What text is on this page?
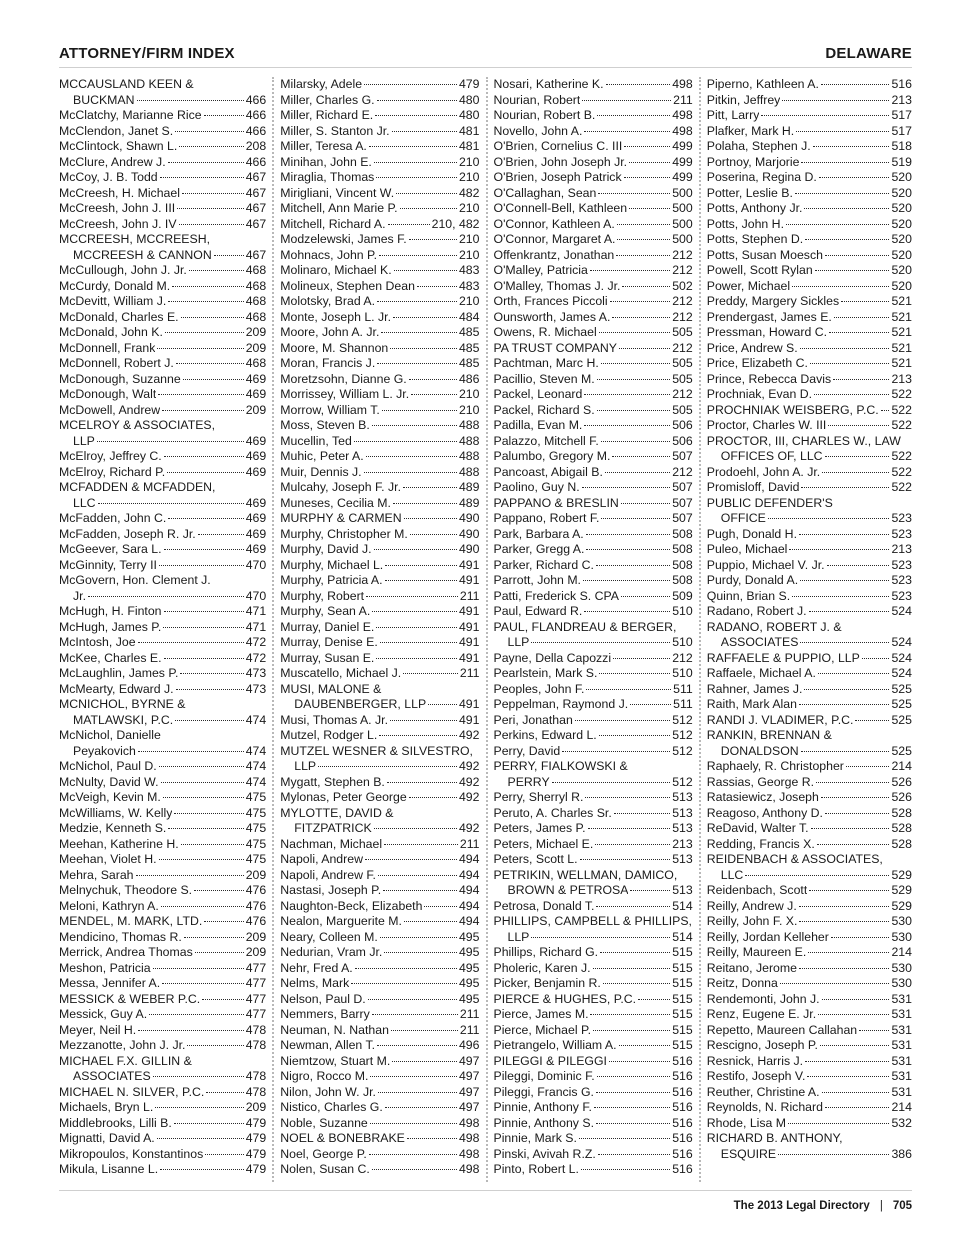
ATTORNEY/FIRM INDEX	DELAWARE
MCCAUSLAND KEEN &
BUCKMAN	466
McClatchy, Marianne Rice	466
McClendon, Janet S.	466
McClintock, Shawn L.	208
McClure, Andrew J.	466
McCoy, J. B. Todd	467
McCreesh, H. Michael	467
McCreesh, John J. III	467
McCreesh, John J. IV	467
MCCREESH, MCCREESH,
MCCREESH & CANNON	467
McCullough, John J. Jr.	468
McCurdy, Donald M.	468
McDevitt, William J.	468
McDonald, Charles E.	468
McDonald, John K.	209
McDonnell, Frank	209
McDonnell, Robert J.	468
McDonough, Suzanne	469
McDonough, Walt	469
McDowell, Andrew	209
MCELROY & ASSOCIATES,
LLP	469
McElroy, Jeffrey C.	469
McElroy, Richard P.	469
MCFADDEN & MCFADDEN,
LLC	469
McFadden, John C.	469
McFadden, Joseph R. Jr.	469
McGeever, Sara L.	469
McGinnity, Terry II	470
McGovern, Hon. Clement J.
Jr.	470
McHugh, H. Finton	471
McHugh, James P.	471
McIntosh, Joe	472
McKee, Charles E.	472
McLaughlin, James P.	473
McMearty, Edward J.	473
MCNICHOL, BYRNE &
MATLAWSKI, P.C.	474
McNichol, Danielle
Peyakovich	474
McNichol, Paul D.	474
McNulty, David W.	474
McVeigh, Kevin M.	475
McWilliams, W. Kelly	475
Medzie, Kenneth S.	475
Meehan, Katherine H.	475
Meehan, Violet H.	475
Mehra, Sarah	209
Melnychuk, Theodore S.	476
Meloni, Kathryn A.	476
MENDEL, M. MARK, LTD.	476
Mendicino, Thomas R.	209
Merrick, Andrea Thomas	209
Meshon, Patricia	477
Messa, Jennifer A.	477
MESSICK & WEBER P.C.	477
Messick, Guy A.	477
Meyer, Neil H.	478
Mezzanotte, John J. Jr.	478
MICHAEL F.X. GILLIN &
ASSOCIATES	478
MICHAEL N. SILVER, P.C.	478
Michaels, Bryn L.	209
Middlebrooks, Lilli B.	479
Mignatti, David A.	479
Mikropoulos, Konstantinos	479
Mikula, Lisanne L.	479
Milarsky, Adele	479
Miller, Charles G.	480
Miller, Richard E.	480
Miller, S. Stanton Jr.	481
Miller, Teresa A.	481
Minihan, John E.	210
Miraglia, Thomas	210
Mirigliani, Vincent W.	482
Mitchell, Ann Marie P.	210
Mitchell, Richard A.	210, 482
Modzelewski, James F.	210
Mohnacs, John P.	210
Molinaro, Michael K.	483
Molineux, Stephen Dean	483
Molotsky, Brad A.	210
Monte, Joseph L. Jr.	484
Moore, John A. Jr.	485
Moore, M. Shannon	485
Moran, Francis J.	485
Moretzsohn, Dianne G.	486
Morrissey, William L. Jr.	210
Morrow, William T.	210
Moss, Steven B.	488
Mucellin, Ted	488
Muhic, Peter A.	488
Muir, Dennis J.	488
Mulcahy, Joseph F. Jr.	489
Muneses, Cecilia M.	489
MURPHY & CARMEN	490
Murphy, Christopher M.	490
Murphy, David J.	490
Murphy, Michael L.	491
Murphy, Patricia A.	491
Murphy, Robert	211
Murphy, Sean A.	491
Murray, Daniel E.	491
Murray, Denise E.	491
Murray, Susan E.	491
Muscatello, Michael J.	211
MUSI, MALONE &
DAUBENBERGER, LLP	491
Musi, Thomas A. Jr.	491
Mutzel, Rodger L.	492
MUTZEL WESNER & SILVESTRO,
LLP	492
Mygatt, Stephen B.	492
Mylonas, Peter George	492
MYLOTTE, DAVID &
FITZPATRICK	492
Nachman, Michael	211
Napoli, Andrew	494
Napoli, Andrew F.	494
Nastasi, Joseph P.	494
Naughton-Beck, Elizabeth	494
Nealon, Marguerite M.	494
Neary, Colleen M.	495
Nedurian, Vram Jr.	495
Nehr, Fred A.	495
Nelms, Mark	495
Nelson, Paul D.	495
Nemmers, Barry	211
Neuman, N. Nathan	211
Newman, Allen T.	496
Niemtzow, Stuart M.	497
Nigro, Rocco M.	497
Nilon, John W. Jr.	497
Nistico, Charles G.	497
Noble, Suzanne	498
NOEL & BONEBRAKE	498
Noel, George P.	498
Nolen, Susan C.	498
Nosari, Katherine K.	498
Nourian, Robert	211
Nourian, Robert B.	498
Novello, John A.	498
O'Brien, Cornelius C. III	499
O'Brien, John Joseph Jr.	499
O'Brien, Joseph Patrick	499
O'Callaghan, Sean	500
O'Connell-Bell, Kathleen	500
O'Connor, Kathleen A.	500
O'Connor, Margaret A.	500
Offenkrantz, Jonathan	212
O'Malley, Patricia	212
O'Malley, Thomas J. Jr.	502
Orth, Frances Piccoli	212
Ounsworth, James A.	212
Owens, R. Michael	505
PA TRUST COMPANY	212
Pachtman, Marc H.	505
Pacillio, Steven M.	505
Packel, Leonard	212
Packel, Richard S.	505
Padilla, Evan M.	506
Palazzo, Mitchell F.	506
Palumbo, Gregory M.	507
Pancoast, Abigail B.	212
Paolino, Guy N.	507
PAPPANO & BRESLIN	507
Pappano, Robert F.	507
Park, Barbara A.	508
Parker, Gregg A.	508
Parker, Richard C.	508
Parrott, John M.	508
Patti, Frederick S. CPA	509
Paul, Edward R.	510
PAUL, FLANDREAU & BERGER,
LLP	510
Payne, Della Capozzi	212
Pearlstein, Mark S.	510
Peoples, John F.	511
Peppelman, Raymond J.	511
Peri, Jonathan	512
Perkins, Edward L.	512
Perry, David	512
PERRY, FIALKOWSKI &
PERRY	512
Perry, Sherryl R.	513
Peruto, A. Charles Sr.	513
Peters, James P.	513
Peters, Michael E.	213
Peters, Scott L.	513
PETRIKIN, WELLMAN, DAMICO,
BROWN & PETROSA	513
Petrosa, Donald T.	514
PHILLIPS, CAMPBELL & PHILLIPS,
LLP	514
Phillips, Richard G.	515
Pholeric, Karen J.	515
Picker, Benjamin R.	515
PIERCE & HUGHES, P.C.	515
Pierce, James M.	515
Pierce, Michael P.	515
Pietrangelo, William A.	515
PILEGGI & PILEGGI	516
Pileggi, Dominic F.	516
Pileggi, Francis G.	516
Pinnie, Anthony F.	516
Pinnie, Anthony S.	516
Pinnie, Mark S.	516
Pinski, Avivah R.Z.	516
Pinto, Robert L.	516
Piperno, Kathleen A.	516
Pitkin, Jeffrey	213
Pitt, Larry	517
Plafker, Mark H.	517
Polaha, Stephen J.	518
Portnoy, Marjorie	519
Poserina, Regina D.	520
Potter, Leslie B.	520
Potts, Anthony Jr.	520
Potts, John H.	520
Potts, Stephen D.	520
Potts, Susan Moesch	520
Powell, Scott Rylan	520
Power, Michael	520
Preddy, Margery Sickles	521
Prendergast, James E.	521
Pressman, Howard C.	521
Price, Andrew S.	521
Price, Elizabeth C.	521
Prince, Rebecca Davis	213
Prochniak, Evan D.	522
PROCHNIAK WEISBERG, P.C. 522
Proctor, Charles W. III	522
PROCTOR, III, CHARLES W., LAW
OFFICES OF, LLC	522
Prodoehl, John A. Jr.	522
Promisloff, David	522
PUBLIC DEFENDER'S
OFFICE	523
Pugh, Donald H.	523
Puleo, Michael	213
Puppio, Michael V. Jr.	523
Purdy, Donald A.	523
Quinn, Brian S.	523
Radano, Robert J.	524
RADANO, ROBERT J. &
ASSOCIATES	524
RAFFAELE & PUPPIO, LLP	524
Raffaele, Michael A.	524
Rahner, James J.	525
Raith, Mark Alan	525
RANDI J. VLADIMER, P.C.	525
RANKIN, BRENNAN &
DONALDSON	525
Raphaely, R. Christopher	214
Rassias, George R.	526
Ratasiewicz, Joseph	526
Reagoso, Anthony D.	528
ReDavid, Walter T.	528
Redding, Francis X.	528
REIDENBACH & ASSOCIATES,
LLC	529
Reidenbach, Scott	529
Reilly, Andrew J.	529
Reilly, John F. X.	530
Reilly, Jordan Kelleher	530
Reilly, Maureen E.	214
Reitano, Jerome	530
Reitz, Donna	530
Rendemonti, John J.	531
Renz, Eugene E. Jr.	531
Repetto, Maureen Callahan	531
Rescigno, Joseph P.	531
Resnick, Harris J.	531
Restifo, Joseph V.	531
Reuther, Christine A.	531
Reynolds, N. Richard	214
Rhode, Lisa M	532
RICHARD B. ANTHONY,
ESQUIRE	386
The 2013 Legal Directory | 705
